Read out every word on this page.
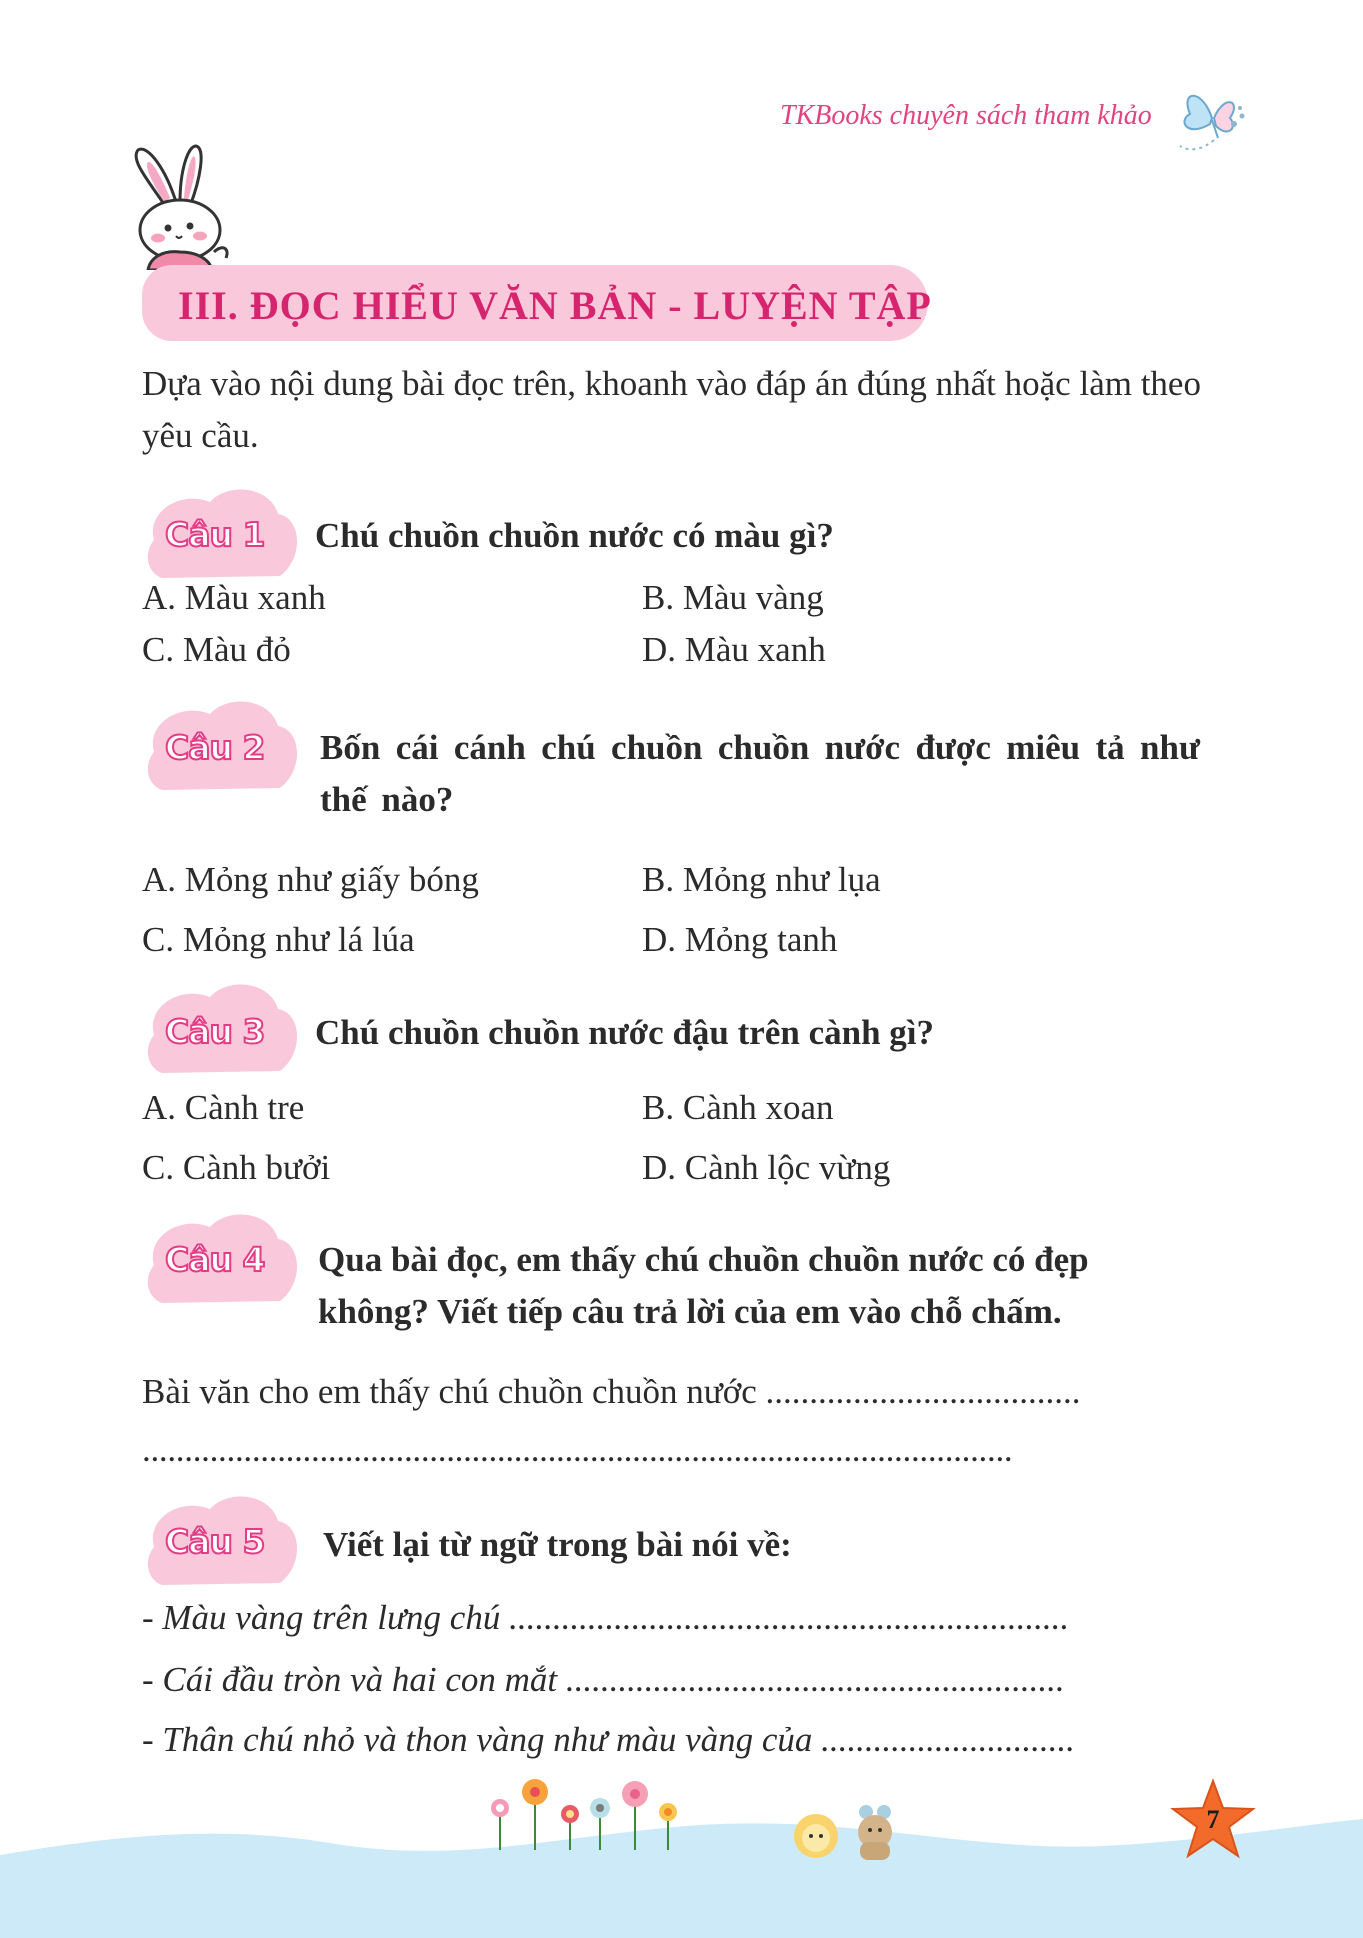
TKBooks chuyên sách tham khảo
III. ĐỌC HIỂU VĂN BẢN - LUYỆN TẬP
Dựa vào nội dung bài đọc trên, khoanh vào đáp án đúng nhất hoặc làm theo yêu cầu.
Câu 1 Chú chuồn chuồn nước có màu gì?
A. Màu xanh	B. Màu vàng
C. Màu đỏ	D. Màu xanh
Câu 2 Bốn cái cánh chú chuồn chuồn nước được miêu tả như thế nào?
A. Mỏng như giấy bóng	B. Mỏng như lụa
C. Mỏng như lá lúa	D. Mỏng tanh
Câu 3 Chú chuồn chuồn nước đậu trên cành gì?
A. Cành tre	B. Cành xoan
C. Cành bưởi	D. Cành lộc vừng
Câu 4 Qua bài đọc, em thấy chú chuồn chuồn nước có đẹp không? Viết tiếp câu trả lời của em vào chỗ chấm.
Bài văn cho em thấy chú chuồn chuồn nước ....................................
.......................................................................................................
Câu 5 Viết lại từ ngữ trong bài nói về:
- Màu vàng trên lưng chú ................................................................
- Cái đầu tròn và hai con mắt .........................................................
- Thân chú nhỏ và thon vàng như màu vàng của .............................
7
